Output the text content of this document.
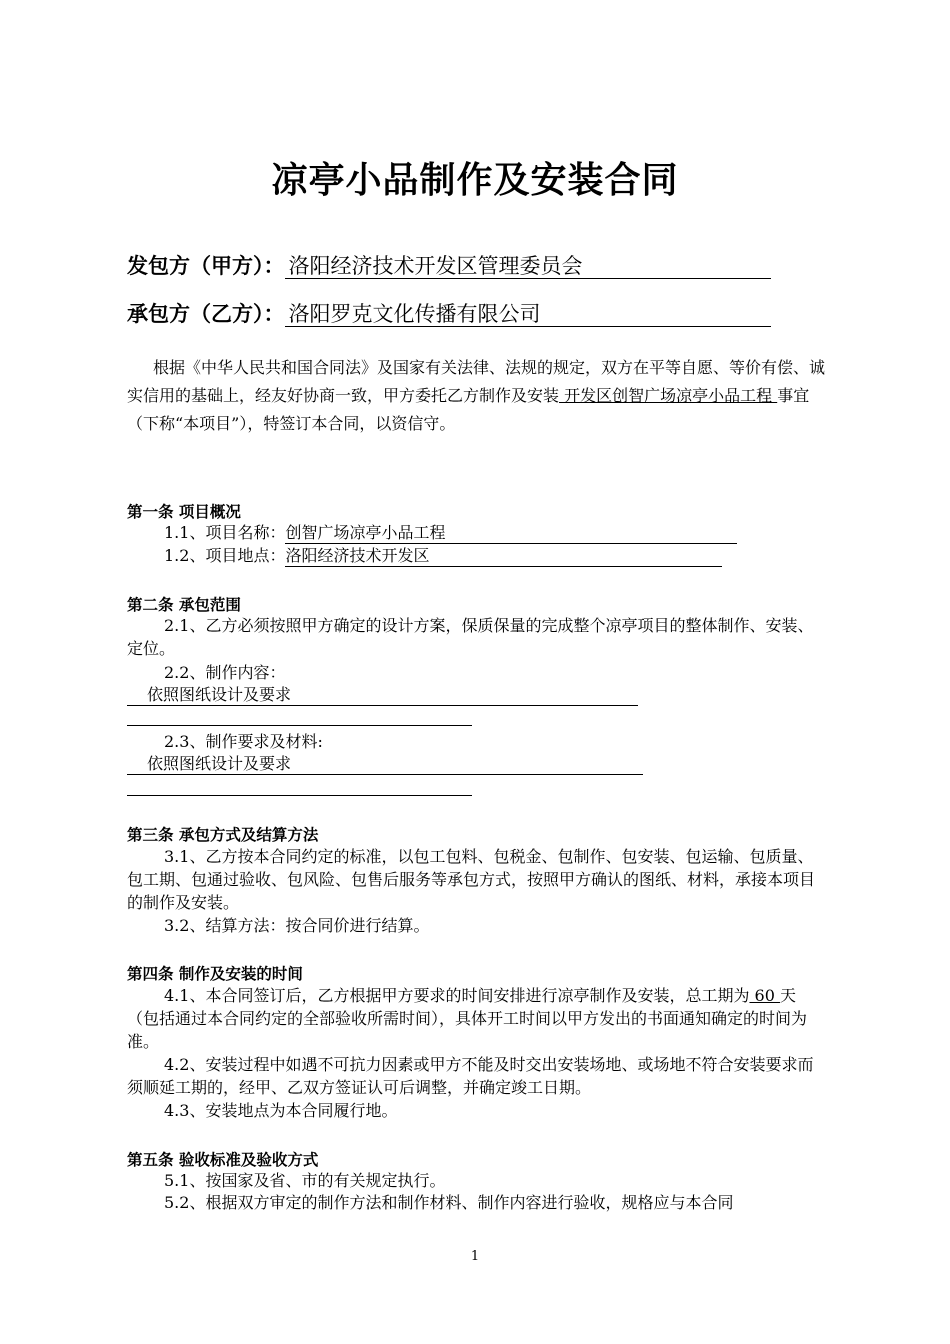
凉亭小品制作及安装合同
发包方（甲方）： 洛阳经济技术开发区管理委员会
承包方（乙方）： 洛阳罗克文化传播有限公司
根据《中华人民共和国合同法》及国家有关法律、法规的规定，双方在平等自愿、等价有偿、诚实信用的基础上，经友好协商一致，甲方委托乙方制作及安装 开发区创智广场凉亭小品工程 事宜（下称“本项目”），特签订本合同，以资信守。
第一条 项目概况
1.1、项目名称：创智广场凉亭小品工程
1.2、项目地点：洛阳经济技术开发区
第二条 承包范围
2.1、乙方必须按照甲方确定的设计方案，保质保量的完成整个凉亭项目的整体制作、安装、定位。
2.2、制作内容：
依照图纸设计及要求
2.3、制作要求及材料:
依照图纸设计及要求
第三条 承包方式及结算方法
3.1、乙方按本合同约定的标准，以包工包料、包税金、包制作、包安装、包运输、包质量、包工期、包通过验收、包风险、包售后服务等承包方式，按照甲方确认的图纸、材料，承接本项目的制作及安装。
3.2、结算方法：按合同价进行结算。
第四条 制作及安装的时间
4.1、本合同签订后，乙方根据甲方要求的时间安排进行凉亭制作及安装，总工期为 60 天（包括通过本合同约定的全部验收所需时间），具体开工时间以甲方发出的书面通知确定的时间为准。
4.2、安装过程中如遇不可抗力因素或甲方不能及时交出安装场地、或场地不符合安装要求而须顺延工期的，经甲、乙双方签证认可后调整，并确定竣工日期。
4.3、安装地点为本合同履行地。
第五条 验收标准及验收方式
5.1、按国家及省、市的有关规定执行。
5.2、根据双方审定的制作方法和制作材料、制作内容进行验收，规格应与本合同
1
